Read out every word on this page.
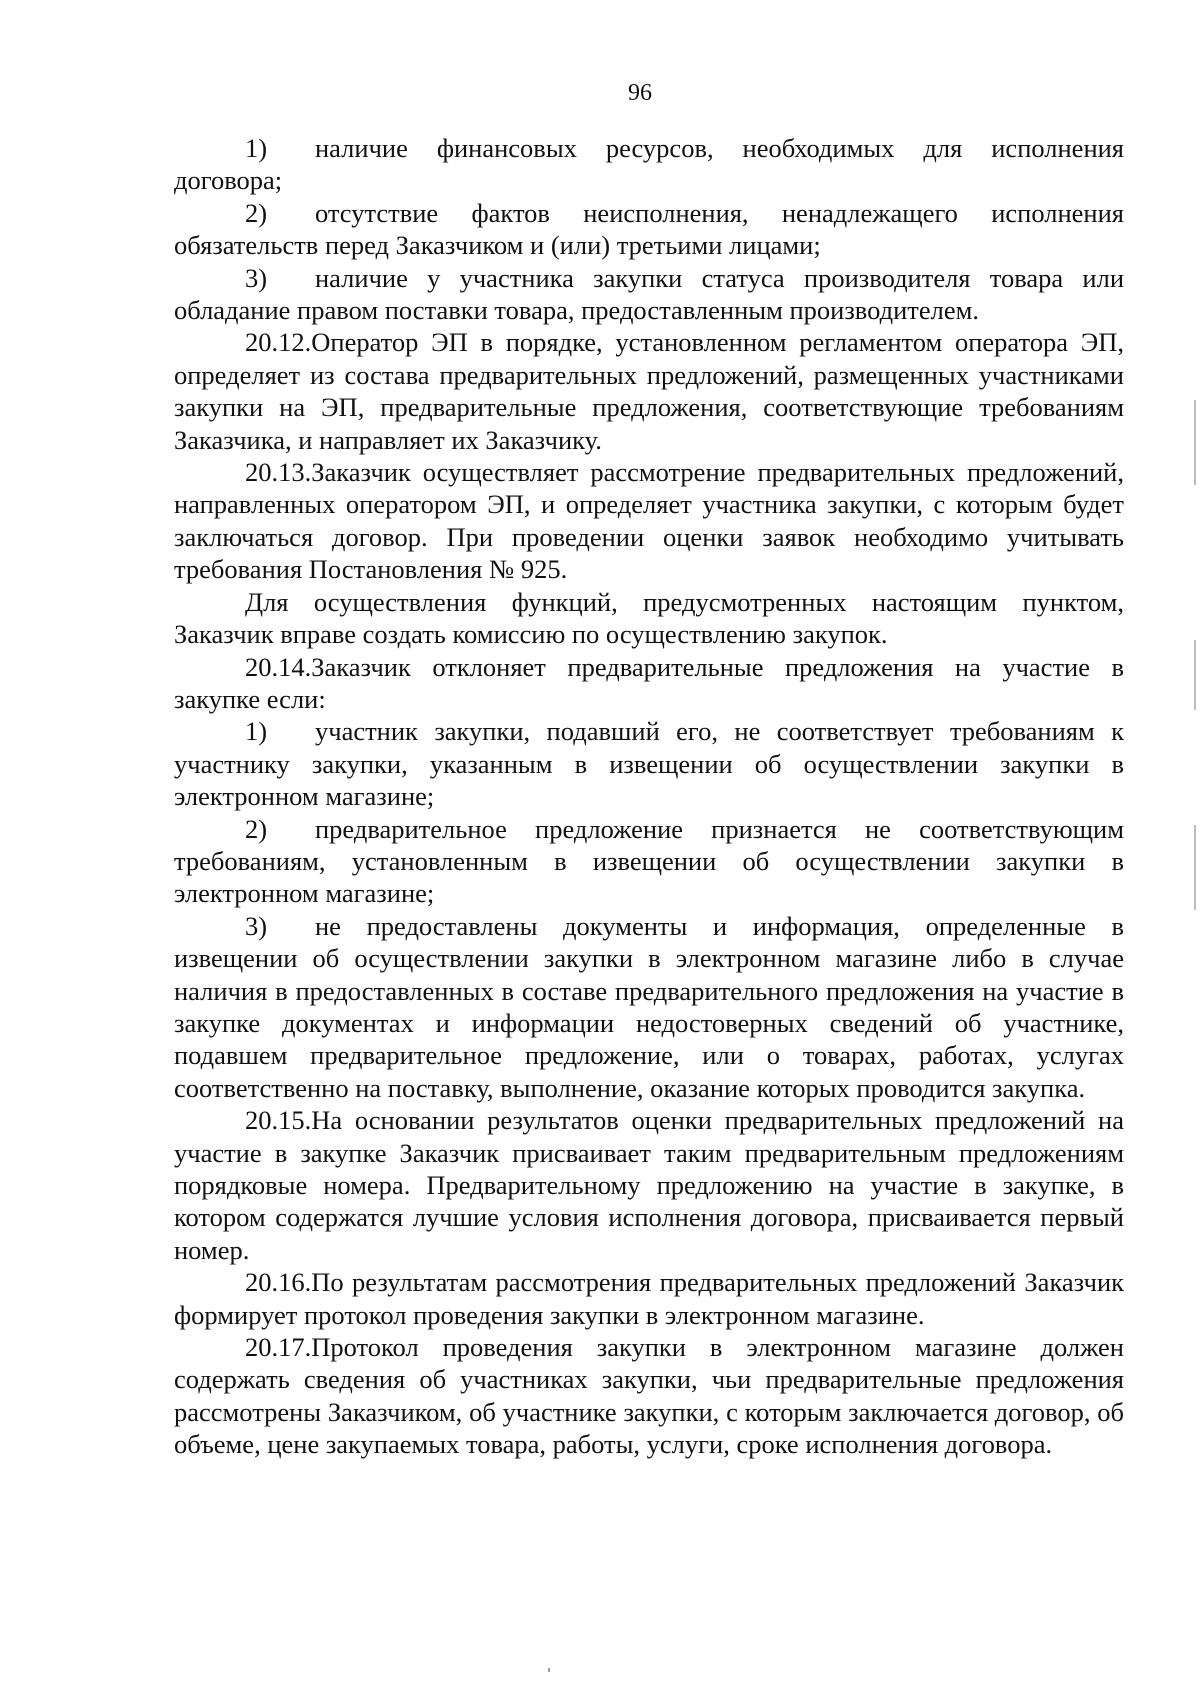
96

1) наличие финансовых ресурсов, необходимых для исполнения договора;

2) отсутствие фактов неисполнения, ненадлежащего исполнения обязательств перед Заказчиком и (или) третьими лицами;

3) наличие у участника закупки статуса производителя товара или обладание правом поставки товара, предоставленным производителем.

20.12.Оператор ЭП в порядке, установленном регламентом оператора ЭП, определяет из состава предварительных предложений, размещенных участниками закупки на ЭП, предварительные предложения, соответствующие требованиям Заказчика, и направляет их Заказчику.

20.13.Заказчик осуществляет рассмотрение предварительных предложений, направленных оператором ЭП, и определяет участника закупки, с которым будет заключаться договор. При проведении оценки заявок необходимо учитывать требования Постановления № 925.

Для осуществления функций, предусмотренных настоящим пунктом, Заказчик вправе создать комиссию по осуществлению закупок.

20.14.Заказчик отклоняет предварительные предложения на участие в закупке если:

1) участник закупки, подавший его, не соответствует требованиям к участнику закупки, указанным в извещении об осуществлении закупки в электронном магазине;

2) предварительное предложение признается не соответствующим требованиям, установленным в извещении об осуществлении закупки в электронном магазине;

3) не предоставлены документы и информация, определенные в извещении об осуществлении закупки в электронном магазине либо в случае наличия в предоставленных в составе предварительного предложения на участие в закупке документах и информации недостоверных сведений об участнике, подавшем предварительное предложение, или о товарах, работах, услугах соответственно на поставку, выполнение, оказание которых проводится закупка.

20.15.На основании результатов оценки предварительных предложений на участие в закупке Заказчик присваивает таким предварительным предложениям порядковые номера. Предварительному предложению на участие в закупке, в котором содержатся лучшие условия исполнения договора, присваивается первый номер.

20.16.По результатам рассмотрения предварительных предложений Заказчик формирует протокол проведения закупки в электронном магазине.

20.17.Протокол проведения закупки в электронном магазине должен содержать сведения об участниках закупки, чьи предварительные предложения рассмотрены Заказчиком, об участнике закупки, с которым заключается договор, об объеме, цене закупаемых товара, работы, услуги, сроке исполнения договора.
